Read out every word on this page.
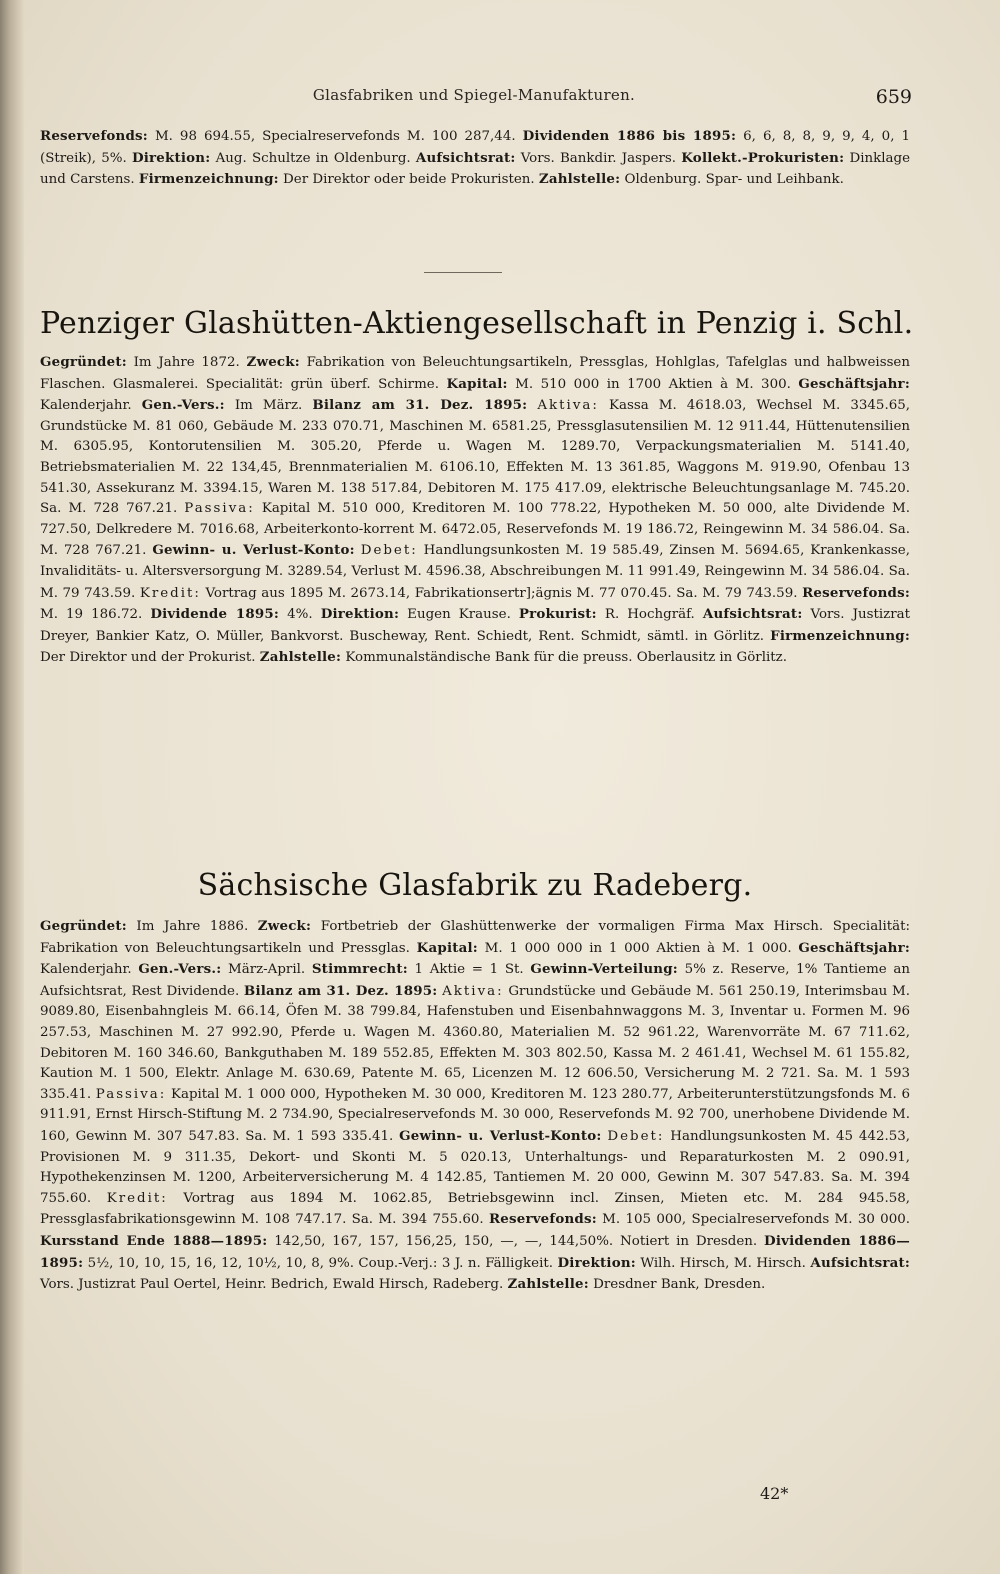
Glasfabriken und Spiegel-Manufakturen.	659

Reservefonds: M. 98 694.55, Specialreservefonds M. 100 287,44. Dividenden 1886 bis 1895: 6, 6, 8, 8, 9, 9, 4, 0, 1 (Streik), 5%. Direktion: Aug. Schultze in Oldenburg. Aufsichtsrat: Vors. Bankdir. Jaspers. Kollekt.-Prokuristen: Dinklage und Carstens. Firmenzeichnung: Der Direktor oder beide Prokuristen. Zahlstelle: Oldenburg. Spar- und Leihbank.

Penziger Glashütten-Aktiengesellschaft in Penzig i. Schl.

Gegründet: Im Jahre 1872. Zweck: Fabrikation von Beleuchtungsartikeln, Pressglas, Hohlglas, Tafelglas und halbweissen Flaschen. Glasmalerei. Specialität: grün überf. Schirme. Kapital: M. 510 000 in 1700 Aktien à M. 300. Geschäftsjahr: Kalenderjahr. Gen.-Vers.: Im März. Bilanz am 31. Dez. 1895: Aktiva: Kassa M. 4618.03, Wechsel M. 3345.65, Grundstücke M. 81 060, Gebäude M. 233 070.71, Maschinen M. 6581.25, Pressglasutensilien M. 12 911.44, Hüttenutensilien M. 6305.95, Kontorutensilien M. 305.20, Pferde u. Wagen M. 1289.70, Verpackungsmaterialien M. 5141.40, Betriebsmaterialien M. 22 134,45, Brennmaterialien M. 6106.10, Effekten M. 13 361.85, Waggons M. 919.90, Ofenbau 13 541.30, Assekuranz M. 3394.15, Waren M. 138 517.84, Debitoren M. 175 417.09, elektrische Beleuchtungsanlage M. 745.20. Sa. M. 728 767.21. Passiva: Kapital M. 510 000, Kreditoren M. 100 778.22, Hypotheken M. 50 000, alte Dividende M. 727.50, Delkredere M. 7016.68, Arbeiterkonto-korrent M. 6472.05, Reservefonds M. 19 186.72, Reingewinn M. 34 586.04. Sa. M. 728 767.21. Gewinn- u. Verlust-Konto: Debet: Handlungsunkosten M. 19 585.49, Zinsen M. 5694.65, Krankenkasse, Invaliditäts- u. Altersversorgung M. 3289.54, Verlust M. 4596.38, Abschreibungen M. 11 991.49, Reingewinn M. 34 586.04. Sa. M. 79 743.59. Kredit: Vortrag aus 1895 M. 2673.14, Fabrikationsertr];ägnis M. 77 070.45. Sa. M. 79 743.59. Reservefonds: M. 19 186.72. Dividende 1895: 4%. Direktion: Eugen Krause. Prokurist: R. Hochgräf. Aufsichtsrat: Vors. Justizrat Dreyer, Bankier Katz, O. Müller, Bankvorst. Buscheway, Rent. Schiedt, Rent. Schmidt, sämtl. in Görlitz. Firmenzeichnung: Der Direktor und der Prokurist. Zahlstelle: Kommunalständische Bank für die preuss. Oberlausitz in Görlitz.

Sächsische Glasfabrik zu Radeberg.

Gegründet: Im Jahre 1886. Zweck: Fortbetrieb der Glashüttenwerke der vormaligen Firma Max Hirsch. Specialität: Fabrikation von Beleuchtungsartikeln und Pressglas. Kapital: M. 1 000 000 in 1 000 Aktien à M. 1 000. Geschäftsjahr: Kalenderjahr. Gen.-Vers.: März-April. Stimmrecht: 1 Aktie = 1 St. Gewinn-Verteilung: 5% z. Reserve, 1% Tantieme an Aufsichtsrat, Rest Dividende. Bilanz am 31. Dez. 1895: Aktiva: Grundstücke und Gebäude M. 561 250.19, Interimsbau M. 9089.80, Eisenbahngleis M. 66.14, Öfen M. 38 799.84, Hafenstuben und Eisenbahnwaggons M. 3, Inventar u. Formen M. 96 257.53, Maschinen M. 27 992.90, Pferde u. Wagen M. 4360.80, Materialien M. 52 961.22, Warenvorräte M. 67 711.62, Debitoren M. 160 346.60, Bankguthaben M. 189 552.85, Effekten M. 303 802.50, Kassa M. 2 461.41, Wechsel M. 61 155.82, Kaution M. 1 500, Elektr. Anlage M. 630.69, Patente M. 65, Licenzen M. 12 606.50, Versicherung M. 2 721. Sa. M. 1 593 335.41. Passiva: Kapital M. 1 000 000, Hypotheken M. 30 000, Kreditoren M. 123 280.77, Arbeiterunterstützungsfonds M. 6 911.91, Ernst Hirsch-Stiftung M. 2 734.90, Specialreservefonds M. 30 000, Reservefonds M. 92 700, unerhobene Dividende M. 160, Gewinn M. 307 547.83. Sa. M. 1 593 335.41. Gewinn- u. Verlust-Konto: Debet: Handlungsunkosten M. 45 442.53, Provisionen M. 9 311.35, Dekort- und Skonti M. 5 020.13, Unterhaltungs- und Reparaturkosten M. 2 090.91, Hypothekenzinsen M. 1200, Arbeiterversicherung M. 4 142.85, Tantiemen M. 20 000, Gewinn M. 307 547.83. Sa. M. 394 755.60. Kredit: Vortrag aus 1894 M. 1062.85, Betriebsgewinn incl. Zinsen, Mieten etc. M. 284 945.58, Pressglasfabrikationsgewinn M. 108 747.17. Sa. M. 394 755.60. Reservefonds: M. 105 000, Specialreservefonds M. 30 000. Kursstand Ende 1888—1895: 142,50, 167, 157, 156,25, 150, —, —, 144,50%. Notiert in Dresden. Dividenden 1886—1895: 5½, 10, 10, 15, 16, 12, 10½, 10, 8, 9%. Coup.-Verj.: 3 J. n. Fälligkeit. Direktion: Wilh. Hirsch, M. Hirsch. Aufsichtsrat: Vors. Justizrat Paul Oertel, Heinr. Bedrich, Ewald Hirsch, Radeberg. Zahlstelle: Dresdner Bank, Dresden.

42*
